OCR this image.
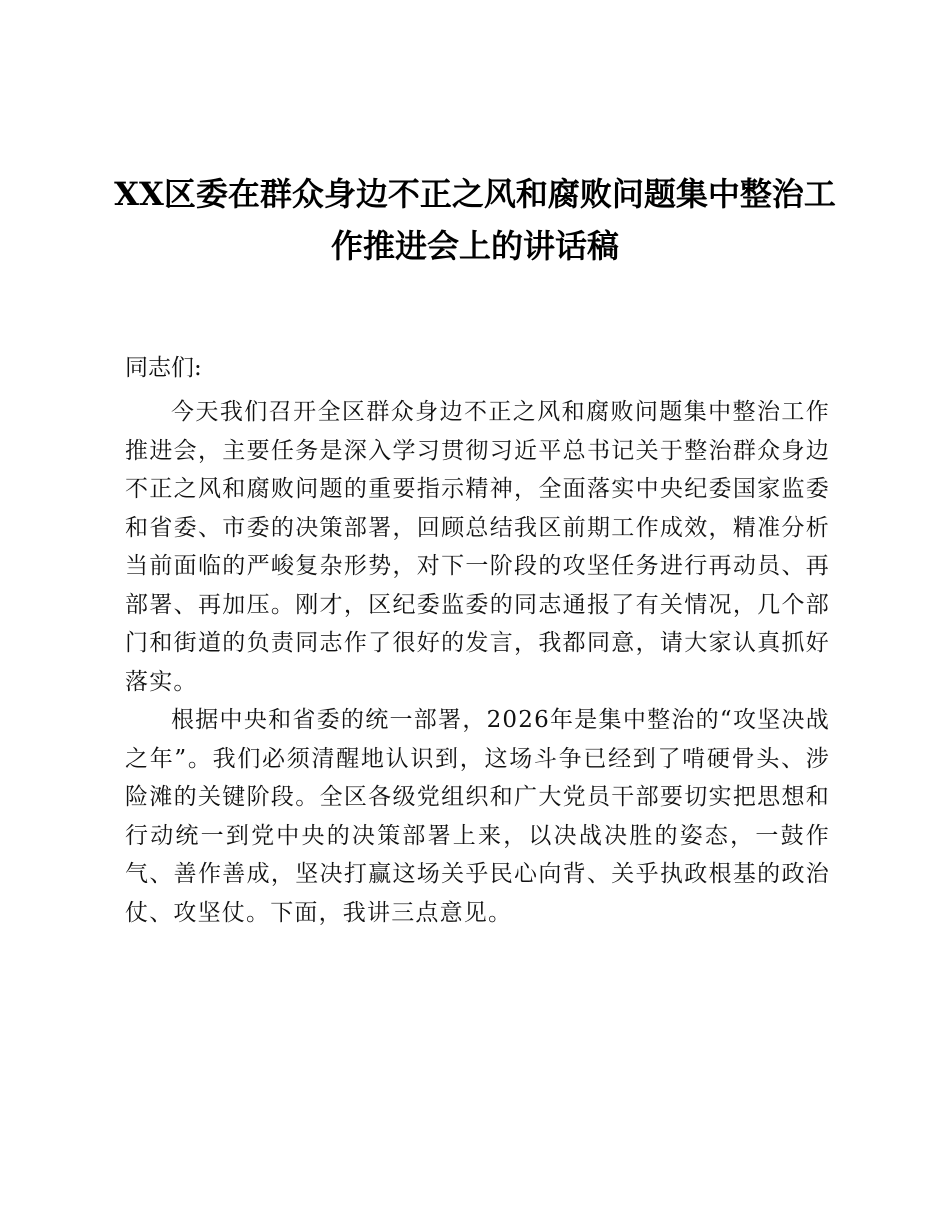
XX区委在群众身边不正之风和腐败问题集中整治工作推进会上的讲话稿
同志们:

今天我们召开全区群众身边不正之风和腐败问题集中整治工作推进会，主要任务是深入学习贯彻习近平总书记关于整治群众身边不正之风和腐败问题的重要指示精神，全面落实中央纪委国家监委和省委、市委的决策部署，回顾总结我区前期工作成效，精准分析当前面临的严峻复杂形势，对下一阶段的攻坚任务进行再动员、再部署、再加压。刚才，区纪委监委的同志通报了有关情况，几个部门和街道的负责同志作了很好的发言，我都同意，请大家认真抓好落实。

根据中央和省委的统一部署，2026年是集中整治的“攻坚决战之年”。我们必须清醒地认识到，这场斗争已经到了啃硬骨头、涉险滩的关键阶段。全区各级党组织和广大党员干部要切实把思想和行动统一到党中央的决策部署上来，以决战决胜的姿态，一鼓作气、善作善成，坚决打赢这场关乎民心向背、关乎执政根基的政治仗、攻坚仗。下面，我讲三点意见。
